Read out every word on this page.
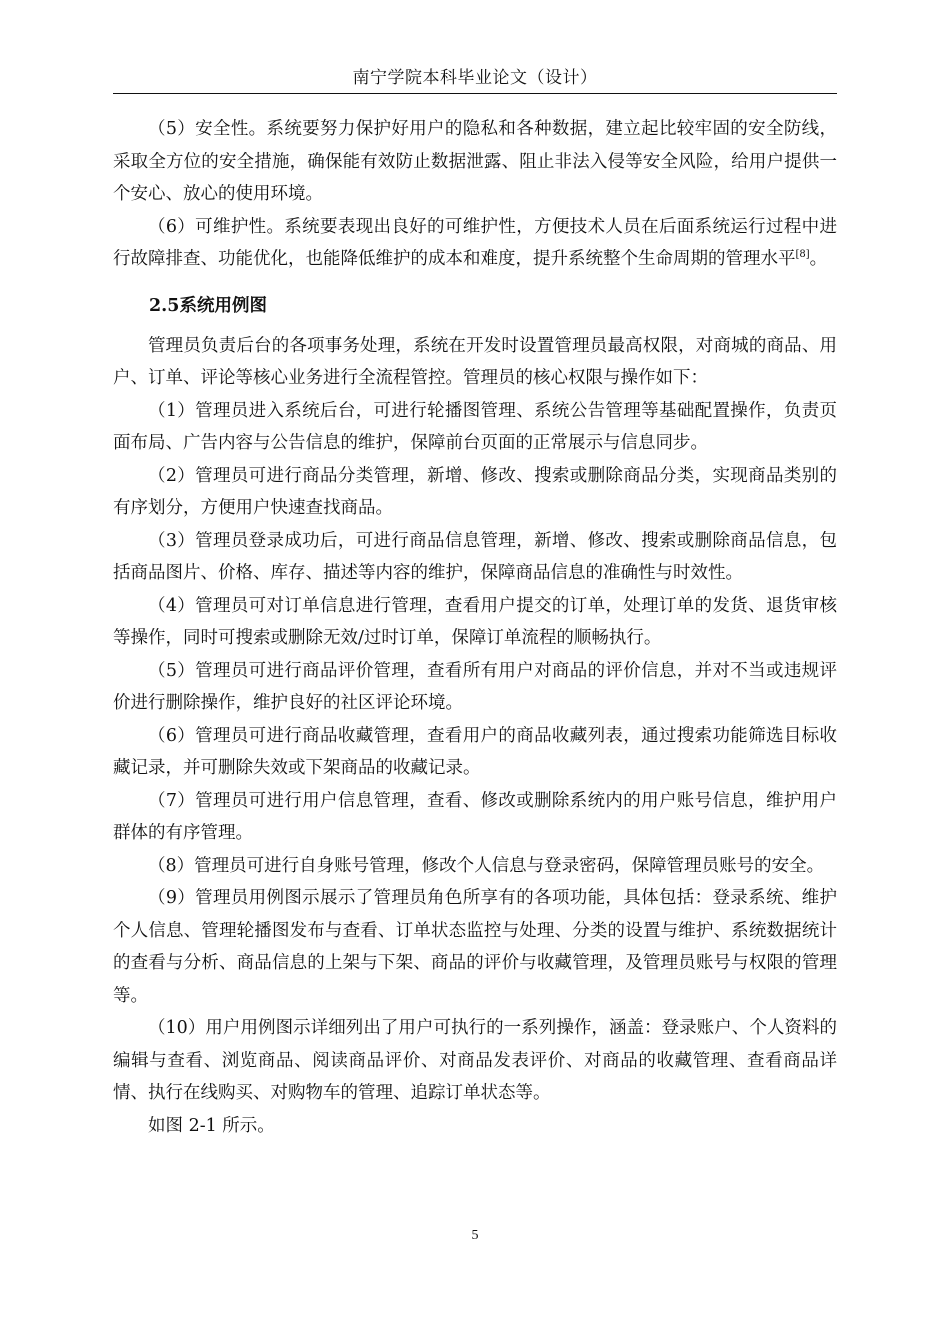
南宁学院本科毕业论文（设计）

（5）安全性。系统要努力保护好用户的隐私和各种数据，建立起比较牢固的安全防线，采取全方位的安全措施，确保能有效防止数据泄露、阻止非法入侵等安全风险，给用户提供一个安心、放心的使用环境。

（6）可维护性。系统要表现出良好的可维护性，方便技术人员在后面系统运行过程中进行故障排查、功能优化，也能降低维护的成本和难度，提升系统整个生命周期的管理水平[8]。

2.5系统用例图

管理员负责后台的各项事务处理，系统在开发时设置管理员最高权限，对商城的商品、用户、订单、评论等核心业务进行全流程管控。管理员的核心权限与操作如下：

（1）管理员进入系统后台，可进行轮播图管理、系统公告管理等基础配置操作，负责页面布局、广告内容与公告信息的维护，保障前台页面的正常展示与信息同步。

（2）管理员可进行商品分类管理，新增、修改、搜索或删除商品分类，实现商品类别的有序划分，方便用户快速查找商品。

（3）管理员登录成功后，可进行商品信息管理，新增、修改、搜索或删除商品信息，包括商品图片、价格、库存、描述等内容的维护，保障商品信息的准确性与时效性。

（4）管理员可对订单信息进行管理，查看用户提交的订单，处理订单的发货、退货审核等操作，同时可搜索或删除无效/过时订单，保障订单流程的顺畅执行。

（5）管理员可进行商品评价管理，查看所有用户对商品的评价信息，并对不当或违规评价进行删除操作，维护良好的社区评论环境。

（6）管理员可进行商品收藏管理，查看用户的商品收藏列表，通过搜索功能筛选目标收藏记录，并可删除失效或下架商品的收藏记录。

（7）管理员可进行用户信息管理，查看、修改或删除系统内的用户账号信息，维护用户群体的有序管理。

（8）管理员可进行自身账号管理，修改个人信息与登录密码，保障管理员账号的安全。

（9）管理员用例图示展示了管理员角色所享有的各项功能，具体包括：登录系统、维护个人信息、管理轮播图发布与查看、订单状态监控与处理、分类的设置与维护、系统数据统计的查看与分析、商品信息的上架与下架、商品的评价与收藏管理，及管理员账号与权限的管理等。

（10）用户用例图示详细列出了用户可执行的一系列操作，涵盖：登录账户、个人资料的编辑与查看、浏览商品、阅读商品评价、对商品发表评价、对商品的收藏管理、查看商品详情、执行在线购买、对购物车的管理、追踪订单状态等。

如图 2-1 所示。

5
